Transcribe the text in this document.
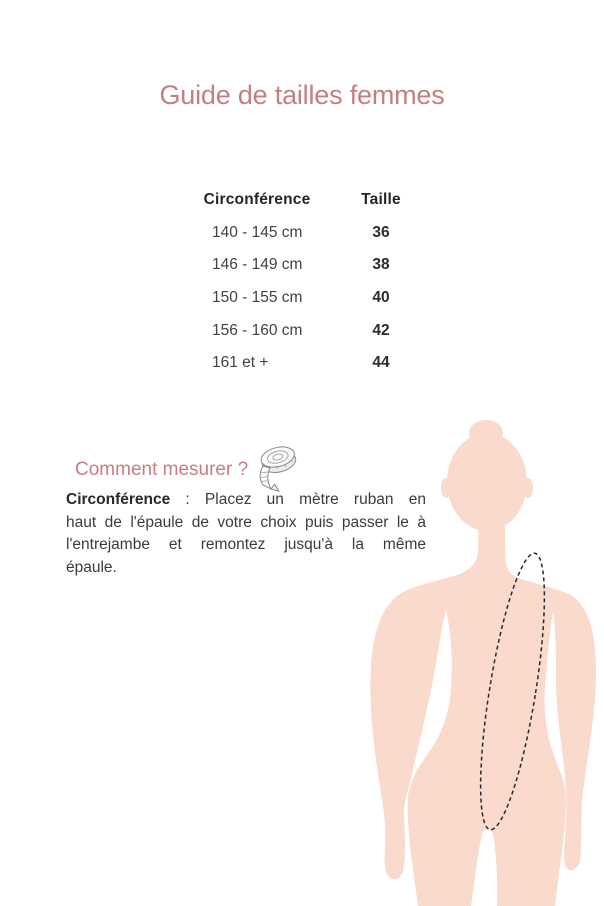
Guide de tailles femmes
Circonférence	Taille
140 - 145 cm	36
146 - 149 cm	38
150 - 155 cm	40
156 - 160 cm	42
161 et +	44
Comment mesurer ?
Circonférence : Placez un mètre ruban en
haut de l'épaule de votre choix puis passer le à
l'entrejambe et remontez jusqu'à la même
épaule.
